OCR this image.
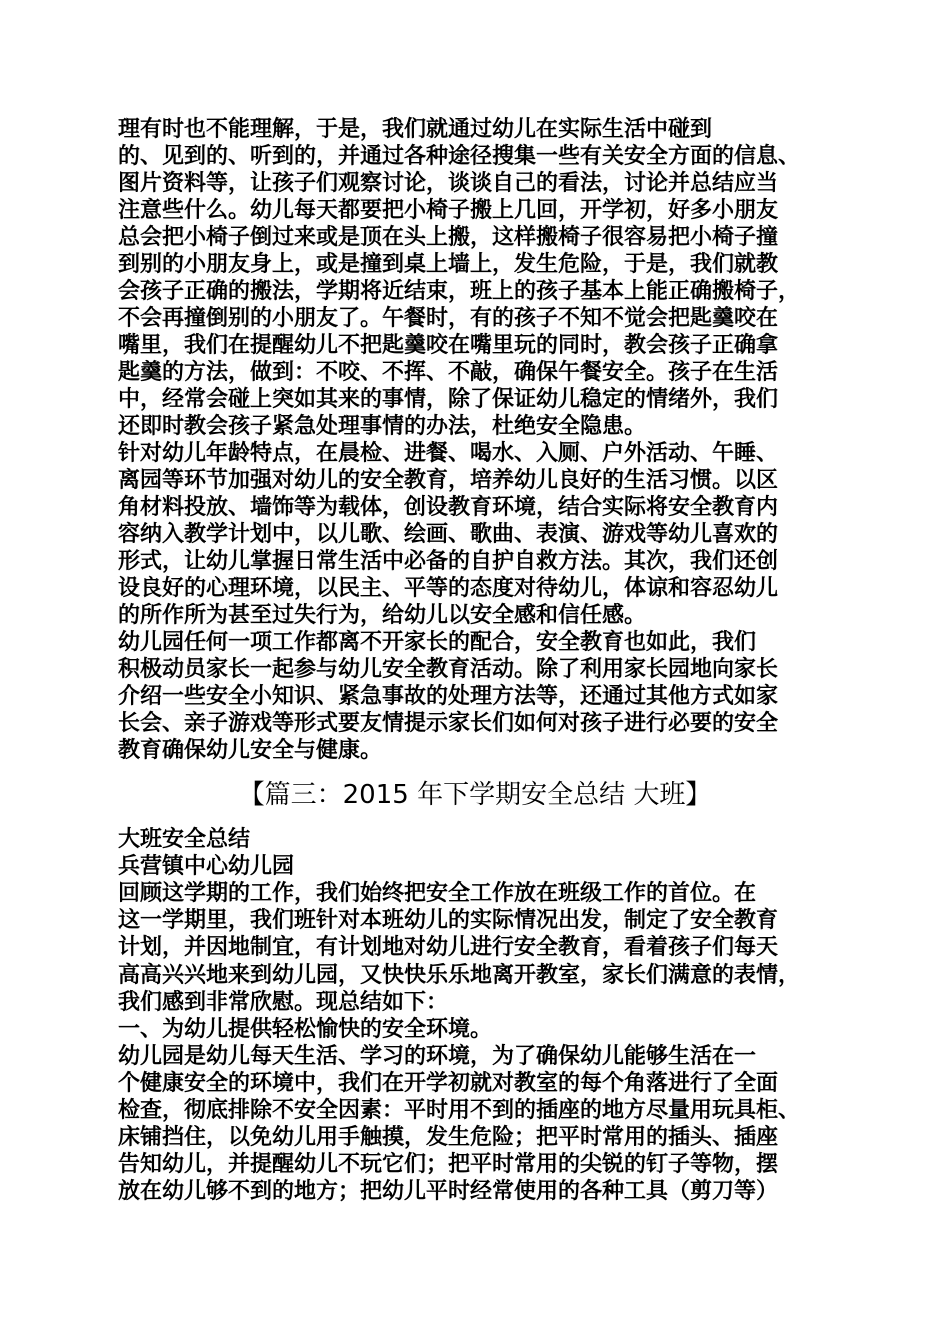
理有时也不能理解，于是，我们就通过幼儿在实际生活中碰到

的、见到的、听到的，并通过各种途径搜集一些有关安全方面的信息、

图片资料等，让孩子们观察讨论，谈谈自己的看法，讨论并总结应当

注意些什么。幼儿每天都要把小椅子搬上几回，开学初，好多小朋友

总会把小椅子倒过来或是顶在头上搬，这样搬椅子很容易把小椅子撞

到别的小朋友身上，或是撞到桌上墙上，发生危险，于是，我们就教

会孩子正确的搬法，学期将近结束，班上的孩子基本上能正确搬椅子，

不会再撞倒别的小朋友了。午餐时，有的孩子不知不觉会把匙羹咬在

嘴里，我们在提醒幼儿不把匙羹咬在嘴里玩的同时，教会孩子正确拿

匙羹的方法，做到：不咬、不挥、不敲，确保午餐安全。孩子在生活

中，经常会碰上突如其来的事情，除了保证幼儿稳定的情绪外，我们

还即时教会孩子紧急处理事情的办法，杜绝安全隐患。

针对幼儿年龄特点，在晨检、进餐、喝水、入厕、户外活动、午睡、

离园等环节加强对幼儿的安全教育，培养幼儿良好的生活习惯。以区

角材料投放、墙饰等为载体，创设教育环境，结合实际将安全教育内

容纳入教学计划中，以儿歌、绘画、歌曲、表演、游戏等幼儿喜欢的

形式，让幼儿掌握日常生活中必备的自护自救方法。其次，我们还创

设良好的心理环境，以民主、平等的态度对待幼儿，体谅和容忍幼儿

的所作所为甚至过失行为，给幼儿以安全感和信任感。

幼儿园任何一项工作都离不开家长的配合，安全教育也如此，我们

积极动员家长一起参与幼儿安全教育活动。除了利用家长园地向家长

介绍一些安全小知识、紧急事故的处理方法等，还通过其他方式如家

长会、亲子游戏等形式要友情提示家长们如何对孩子进行必要的安全

教育确保幼儿安全与健康。

【篇三：2015 年下学期安全总结 大班】

大班安全总结

兵营镇中心幼儿园

回顾这学期的工作，我们始终把安全工作放在班级工作的首位。在

这一学期里，我们班针对本班幼儿的实际情况出发，制定了安全教育

计划，并因地制宜，有计划地对幼儿进行安全教育，看着孩子们每天

高高兴兴地来到幼儿园，又快快乐乐地离开教室，家长们满意的表情，

我们感到非常欣慰。现总结如下：

一、为幼儿提供轻松愉快的安全环境。

幼儿园是幼儿每天生活、学习的环境，为了确保幼儿能够生活在一

个健康安全的环境中，我们在开学初就对教室的每个角落进行了全面

检查，彻底排除不安全因素：平时用不到的插座的地方尽量用玩具柜、

床铺挡住，以免幼儿用手触摸，发生危险；把平时常用的插头、插座

告知幼儿，并提醒幼儿不玩它们；把平时常用的尖锐的钉子等物，摆

放在幼儿够不到的地方；把幼儿平时经常使用的各种工具（剪刀等）
